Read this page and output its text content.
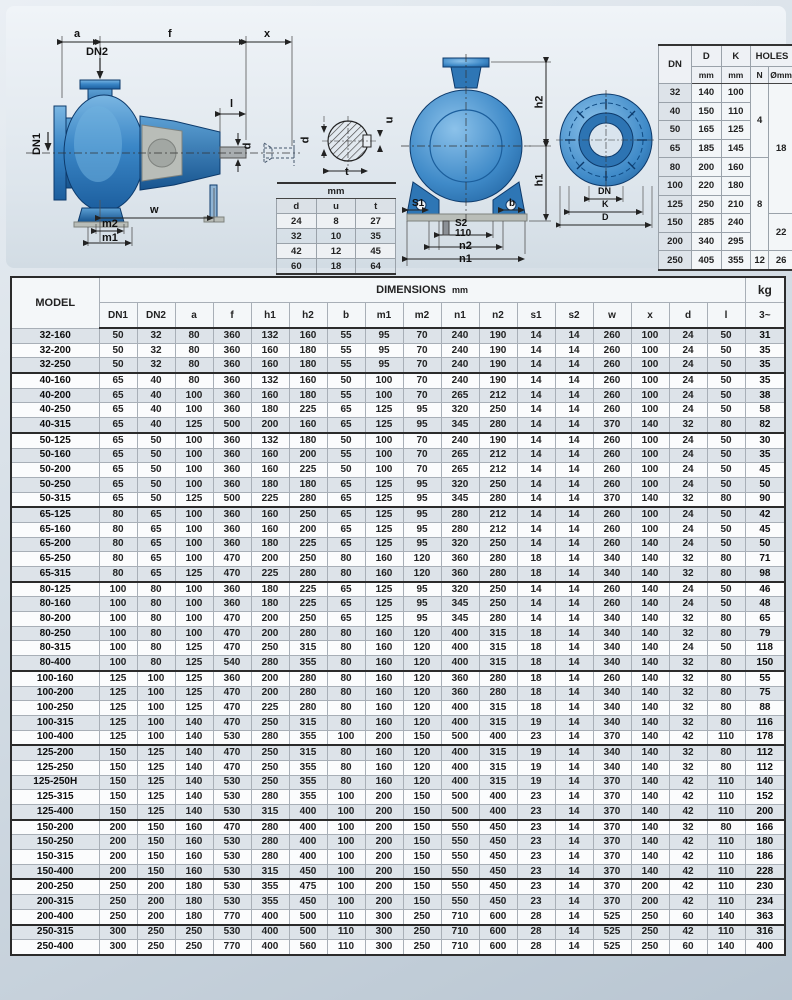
a	f	x
DN2
DN1
l
d
w
m2
m1
d
u
t
mm		
d	u	t
24	8	27
32	10	35
42	12	45
60	18	64
h2
h1
S1	b
S2
110
n2
n1
DN
K
D
DN	D	K	HOLES	
	mm	mm	N	Ømm
32	140	100	4	18
40	150	110		
50	165	125		
65	185	145		
80	200	160	8	
100	220	180		
125	250	210		
150	285	240		22
200	340	295		
250	405	355	12	26
MODEL	DIMENSIONS mm																	kg
	DN1	DN2	a	f	h1	h2	b	m1	m2	n1	n2	s1	s2	w	x	d	l	3~
32-160	50	32	80	360	132	160	55	95	70	240	190	14	14	260	100	24	50	31
32-200	50	32	80	360	160	180	55	95	70	240	190	14	14	260	100	24	50	35
32-250	50	32	80	360	160	180	55	95	70	240	190	14	14	260	100	24	50	35
40-160	65	40	80	360	132	160	50	100	70	240	190	14	14	260	100	24	50	35
40-200	65	40	100	360	160	180	55	100	70	265	212	14	14	260	100	24	50	38
40-250	65	40	100	360	180	225	65	125	95	320	250	14	14	260	100	24	50	58
40-315	65	40	125	500	200	160	65	125	95	345	280	14	14	370	140	32	80	82
50-125	65	50	100	360	132	180	50	100	70	240	190	14	14	260	100	24	50	30
50-160	65	50	100	360	160	200	55	100	70	265	212	14	14	260	100	24	50	35
50-200	65	50	100	360	160	225	50	100	70	265	212	14	14	260	100	24	50	45
50-250	65	50	100	360	180	180	65	125	95	320	250	14	14	260	100	24	50	50
50-315	65	50	125	500	225	280	65	125	95	345	280	14	14	370	140	32	80	90
65-125	80	65	100	360	160	250	65	125	95	280	212	14	14	260	100	24	50	42
65-160	80	65	100	360	160	200	65	125	95	280	212	14	14	260	100	24	50	45
65-200	80	65	100	360	180	225	65	125	95	320	250	14	14	260	140	24	50	50
65-250	80	65	100	470	200	250	80	160	120	360	280	18	14	340	140	32	80	71
65-315	80	65	125	470	225	280	80	160	120	360	280	18	14	340	140	32	80	98
80-125	100	80	100	360	180	225	65	125	95	320	250	14	14	260	140	24	50	46
80-160	100	80	100	360	180	225	65	125	95	345	250	14	14	260	140	24	50	48
80-200	100	80	100	470	200	250	65	125	95	345	280	14	14	340	140	32	80	65
80-250	100	80	100	470	200	280	80	160	120	400	315	18	14	340	140	32	80	79
80-315	100	80	125	470	250	315	80	160	120	400	315	18	14	340	140	24	50	118
80-400	100	80	125	540	280	355	80	160	120	400	315	18	14	340	140	32	80	150
100-160	125	100	125	360	200	280	80	160	120	360	280	18	14	260	140	32	80	55
100-200	125	100	125	470	200	280	80	160	120	360	280	18	14	340	140	32	80	75
100-250	125	100	125	470	225	280	80	160	120	400	315	18	14	340	140	32	80	88
100-315	125	100	140	470	250	315	80	160	120	400	315	19	14	340	140	32	80	116
100-400	125	100	140	530	280	355	100	200	150	500	400	23	14	370	140	42	110	178
125-200	150	125	140	470	250	315	80	160	120	400	315	19	14	340	140	32	80	112
125-250	150	125	140	470	250	355	80	160	120	400	315	19	14	340	140	32	80	112
125-250H	150	125	140	530	250	355	80	160	120	400	315	19	14	370	140	42	110	140
125-315	150	125	140	530	280	355	100	200	150	500	400	23	14	370	140	42	110	152
125-400	150	125	140	530	315	400	100	200	150	500	400	23	14	370	140	42	110	200
150-200	200	150	160	470	280	400	100	200	150	550	450	23	14	370	140	32	80	166
150-250	200	150	160	530	280	400	100	200	150	550	450	23	14	370	140	42	110	180
150-315	200	150	160	530	280	400	100	200	150	550	450	23	14	370	140	42	110	186
150-400	200	150	160	530	315	450	100	200	150	550	450	23	14	370	140	42	110	228
200-250	250	200	180	530	355	475	100	200	150	550	450	23	14	370	200	42	110	230
200-315	250	200	180	530	355	450	100	200	150	550	450	23	14	370	200	42	110	234
200-400	250	200	180	770	400	500	110	300	250	710	600	28	14	525	250	60	140	363
250-315	300	250	250	530	400	500	110	300	250	710	600	28	14	525	250	42	110	316
250-400	300	250	250	770	400	560	110	300	250	710	600	28	14	525	250	60	140	400
